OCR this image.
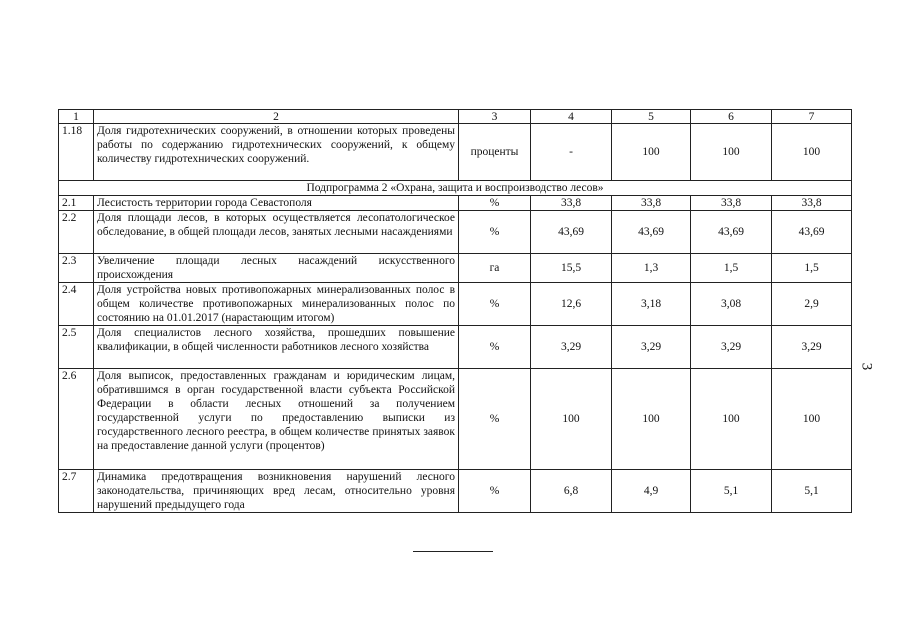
1	2	3	4	5	6	7
1.18	Доля гидротехнических сооружений, в отношении которых проведены работы по содержанию гидротехнических сооружений, к общему количеству гидротехнических сооружений.	проценты	-	100	100	100
Подпрограмма 2 «Охрана, защита и воспроизводство лесов»						
2.1	Лесистость территории города Севастополя	%	33,8	33,8	33,8	33,8
2.2	Доля площади лесов, в которых осуществляется лесопатологическое обследование, в общей площади лесов, занятых лесными насаждениями	%	43,69	43,69	43,69	43,69
2.3	Увеличение площади лесных насаждений искусственного происхождения	га	15,5	1,3	1,5	1,5
2.4	Доля устройства новых противопожарных минерализованных полос в общем количестве противопожарных минерализованных полос по состоянию на 01.01.2017 (нарастающим итогом)	%	12,6	3,18	3,08	2,9
2.5	Доля специалистов лесного хозяйства, прошедших повышение квалификации, в общей численности работников лесного хозяйства	%	3,29	3,29	3,29	3,29
2.6	Доля выписок, предоставленных гражданам и юридическим лицам, обратившимся в орган государственной власти субъекта Российской Федерации в области лесных отношений за получением государственной услуги по предоставлению выписки из государственного лесного реестра, в общем количестве принятых заявок на предоставление данной услуги (процентов)	%	100	100	100	100
2.7	Динамика предотвращения возникновения нарушений лесного законодательства, причиняющих вред лесам, относительно уровня нарушений предыдущего года	%	6,8	4,9	5,1	5,1
3
